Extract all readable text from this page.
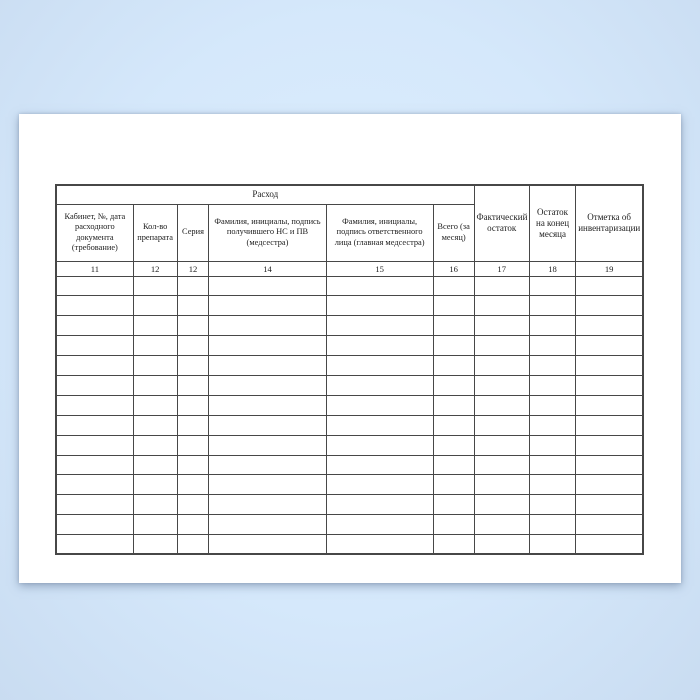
Расход						Фактический остаток	Остаток на конец месяца	Отметка об инвентаризации
Кабинет, №, дата расходного документа (требование)	Кол-во препарата	Серия	Фамилия, инициалы, подпись получившего НС и ПВ (медсестра)	Фамилия, инициалы, подпись ответственного лица (главная медсестра)	Всего (за месяц)			
11	12	12	14	15	16	17	18	19
